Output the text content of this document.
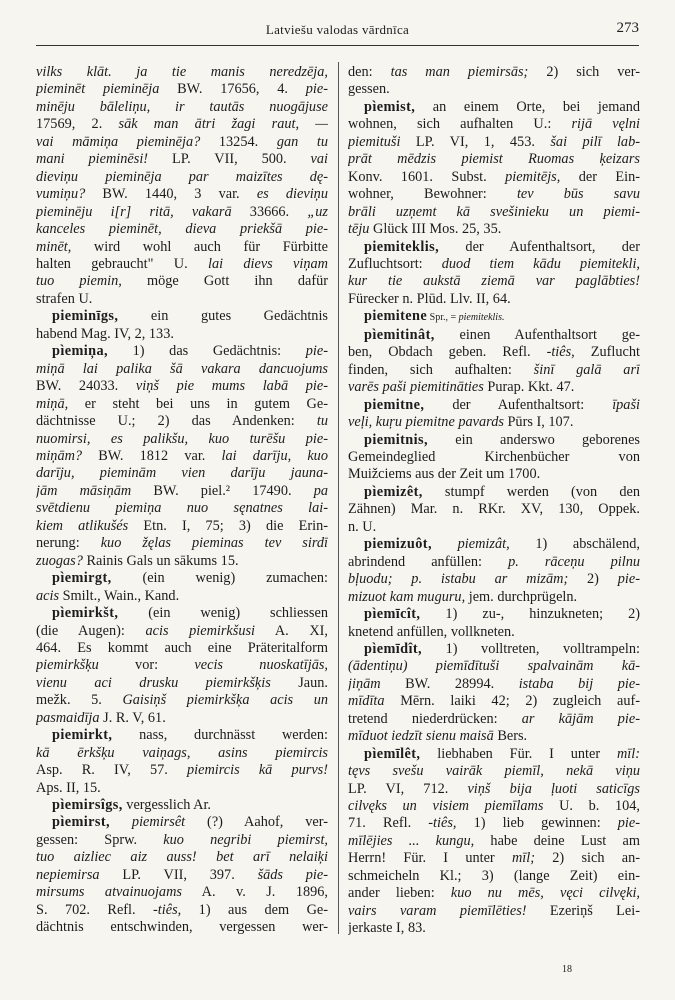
Latviešu valodas vārdnīca	273
vilks klāt. ja tie manis neredzēja,
pieminēt pieminēja BW. 17656, 4. pie-
minēju bāleliņu, ir tautās nuogājuse
17569, 2. sāk man ātri žagi raut, —
vai māmiņa pieminēja? 13254. gan tu
mani pieminēsi! LP. VII, 500. vai
dieviņu pieminēja par maizītes dę-
vumiņu? BW. 1440, 3 var. es dieviņu
pieminēju i[r] ritā, vakarā 33666. „uz
kanceles pieminēt, dieva priekšā pie-
minēt, wird wohl auch für Fürbitte
halten gebraucht" U. lai dievs viņam
tuo piemin, möge Gott ihn dafür
strafen U.
pieminīgs, ein gutes Gedächtnis
habend Mag. IV, 2, 133.
pìemiņa, 1) das Gedächtnis: pie-
miņā lai palika šā vakara dancuojums
BW. 24033. viņš pie mums labā pie-
miņā, er steht bei uns in gutem Ge-
dächtnisse U.; 2) das Andenken: tu
nuomirsi, es palikšu, kuo turēšu pie-
miņām? BW. 1812 var. lai darīju, kuo
darīju, pieminām vien darīju jauna-
jām māsiņām BW. piel.² 17490. pa
svētdienu piemiņa nuo sęnatnes lai-
kiem atlikušés Etn. I, 75; 3) die Erin-
nerung: kuo žęlas pieminas tev sirdī
zuogas? Rainis Gals un sākums 15.
pìemirgt, (ein wenig) zumachen:
acis Smilt., Wain., Kand.
pìemirkšt, (ein wenig) schliessen
(die Augen): acis piemirkšusi A. XI,
464. Es kommt auch eine Präteritalform
piemirkšķu vor: vecis nuoskatījās,
vienu aci drusku piemirkšķis Jaun.
mežk. 5. Gaisiņš piemirkšķa acis un
pasmaidīja J. R. V, 61.
piemirkt, nass, durchnässt werden:
kā ērkšķu vaiņags, asins piemircis
Asp. R. IV, 57. piemircis kā purvs!
Aps. II, 15.
pìemirsîgs, vergesslich Ar.
pìemirst, piemirsêt (?) Aahof, ver-
gessen: Sprw. kuo negribi piemirst,
tuo aizliec aiz auss! bet arī nelaiķi
nepiemirsa LP. VII, 397. šāds pie-
mirsums atvainuojams A. v. J. 1896,
S. 702. Refl. -tiês, 1) aus dem Ge-
dächtnis entschwinden, vergessen wer-
den: tas man piemirsās; 2) sich ver-
gessen.
pìemist, an einem Orte, bei jemand
wohnen, sich aufhalten U.: rijā vęlni
piemituši LP. VI, 1, 453. šai pilī lab-
prāt mēdzis piemist Ruomas ķeizars
Konv. 1601. Subst. piemitējs, der Ein-
wohner, Bewohner: tev būs savu
brāli uzņemt kā svešinieku un piemi-
tēju Glück III Mos. 25, 35.
piemiteklis, der Aufenthaltsort, der
Zufluchtsort: duod tiem kādu piemitekli,
kur tie aukstā ziemā var paglābties!
Fürecker n. Plūd. Llv. II, 64.
piemitene Spr., = piemiteklis.
pìemitinât, einen Aufenthaltsort ge-
ben, Obdach geben. Refl. -tiês, Zuflucht
finden, sich aufhalten: šinī galā arī
varēs paši piemitināties Purap. Kkt. 47.
piemitne, der Aufenthaltsort: īpaši
veļi, kuŗu piemitne pavards Pūrs I, 107.
piemitnis, ein anderswo geborenes
Gemeindeglied Kirchenbücher von
Muižciems aus der Zeit um 1700.
pìemizêt, stumpf werden (von den
Zähnen) Mar. n. RKr. XV, 130, Oppek.
n. U.
piemizuôt, piemizât, 1) abschälend,
abrindend anfüllen: p. rāceņu pilnu
bļuodu; p. istabu ar mizām; 2) pie-
mizuot kam muguru, jem. durchprügeln.
pìemīcît, 1) zu-, hinzukneten; 2)
knetend anfüllen, vollkneten.
pìemīdît, 1) volltreten, volltrampeln:
(ādentiņu) piemīdītuši spalvainām kā-
jiņām BW. 28994. istaba bij pie-
mīdīta Mērn. laiki 42; 2) zugleich auf-
tretend niederdrücken: ar kājām pie-
mīduot iedzīt sienu maisā Bers.
pìemīlêt, liebhaben Für. I unter mīl:
tęvs svešu vairāk piemīl, nekā viņu
LP. VI, 712. viņš bija ļuoti saticīgs
cilvęks un visiem piemīlams U. b. 104,
71. Refl. -tiês, 1) lieb gewinnen: pie-
mīlējies ... kungu, habe deine Lust am
Herrn! Für. I unter mīl; 2) sich an-
schmeicheln Kl.; 3) (lange Zeit) ein-
ander lieben: kuo nu mēs, vęci cilvęki,
vairs varam piemīlēties! Ezeriņš Lei-
jerkaste I, 83.
18
